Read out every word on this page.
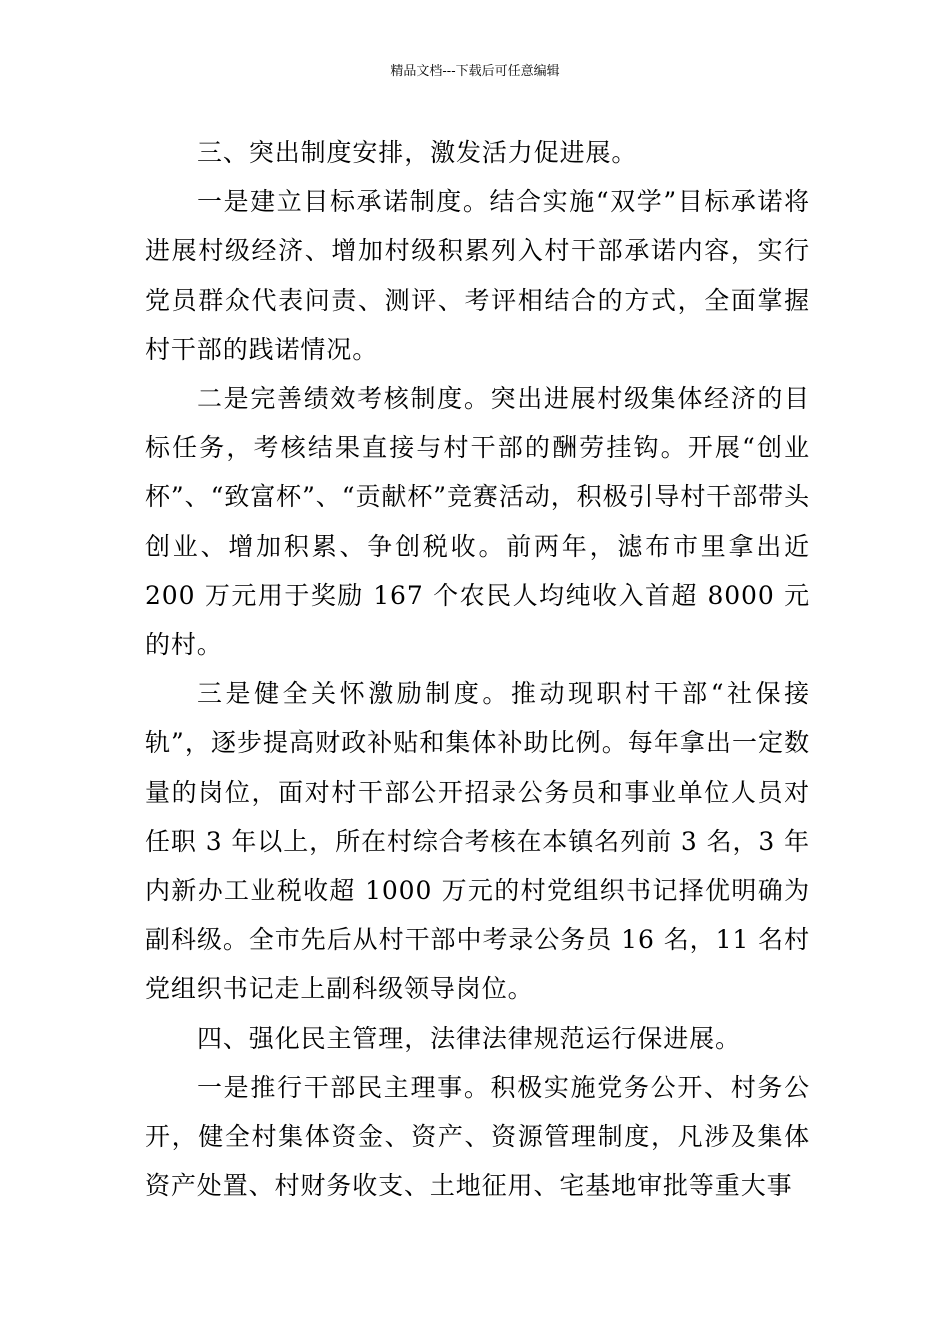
精品文档---下载后可任意编辑

三、突出制度安排，激发活力促进展。

一是建立目标承诺制度。结合实施“双学”目标承诺将进展村级经济、增加村级积累列入村干部承诺内容，实行党员群众代表问责、测评、考评相结合的方式，全面掌握村干部的践诺情况。

二是完善绩效考核制度。突出进展村级集体经济的目标任务，考核结果直接与村干部的酬劳挂钩。开展“创业杯”、“致富杯”、“贡献杯”竞赛活动，积极引导村干部带头创业、增加积累、争创税收。前两年，滤布市里拿出近 200 万元用于奖励 167 个农民人均纯收入首超 8000 元的村。

三是健全关怀激励制度。推动现职村干部“社保接轨”，逐步提高财政补贴和集体补助比例。每年拿出一定数量的岗位，面对村干部公开招录公务员和事业单位人员对任职 3 年以上，所在村综合考核在本镇名列前 3 名，3 年内新办工业税收超 1000 万元的村党组织书记择优明确为副科级。全市先后从村干部中考录公务员 16 名，11 名村党组织书记走上副科级领导岗位。

四、强化民主管理，法律法律规范运行保进展。

一是推行干部民主理事。积极实施党务公开、村务公开，健全村集体资金、资产、资源管理制度，凡涉及集体资产处置、村财务收支、土地征用、宅基地审批等重大事
